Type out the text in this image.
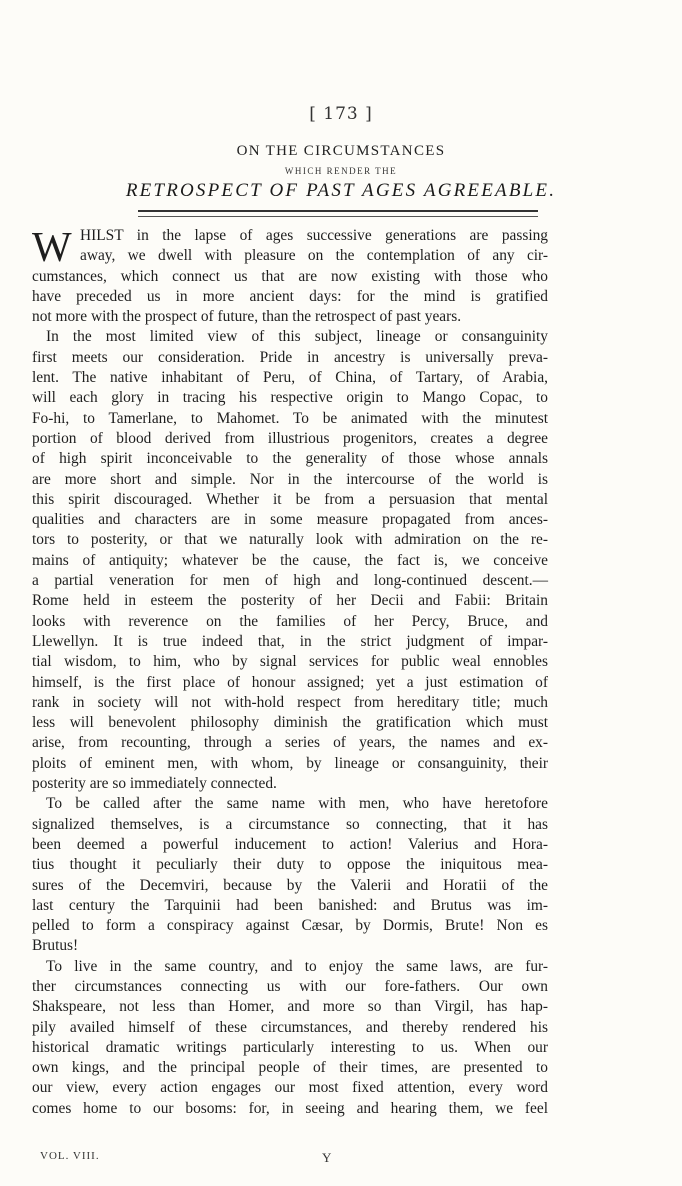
[ 173 ]
ON THE CIRCUMSTANCES
WHICH RENDER THE
RETROSPECT OF PAST AGES AGREEABLE.
W HILST in the lapse of ages successive generations are passing
away, we dwell with pleasure on the contemplation of any cir-
cumstances, which connect us that are now existing with those who
have preceded us in more ancient days: for the mind is gratified
not more with the prospect of future, than the retrospect of past years.
In the most limited view of this subject, lineage or consanguinity
first meets our consideration. Pride in ancestry is universally preva-
lent. The native inhabitant of Peru, of China, of Tartary, of Arabia,
will each glory in tracing his respective origin to Mango Copac, to
Fo-hi, to Tamerlane, to Mahomet. To be animated with the minutest
portion of blood derived from illustrious progenitors, creates a degree
of high spirit inconceivable to the generality of those whose annals
are more short and simple. Nor in the intercourse of the world is
this spirit discouraged. Whether it be from a persuasion that mental
qualities and characters are in some measure propagated from ances-
tors to posterity, or that we naturally look with admiration on the re-
mains of antiquity; whatever be the cause, the fact is, we conceive
a partial veneration for men of high and long-continued descent.—
Rome held in esteem the posterity of her Decii and Fabii: Britain
looks with reverence on the families of her Percy, Bruce, and
Llewellyn. It is true indeed that, in the strict judgment of impar-
tial wisdom, to him, who by signal services for public weal ennobles
himself, is the first place of honour assigned; yet a just estimation of
rank in society will not with-hold respect from hereditary title; much
less will benevolent philosophy diminish the gratification which must
arise, from recounting, through a series of years, the names and ex-
ploits of eminent men, with whom, by lineage or consanguinity, their
posterity are so immediately connected.
To be called after the same name with men, who have heretofore
signalized themselves, is a circumstance so connecting, that it has
been deemed a powerful inducement to action! Valerius and Hora-
tius thought it peculiarly their duty to oppose the iniquitous mea-
sures of the Decemviri, because by the Valerii and Horatii of the
last century the Tarquinii had been banished: and Brutus was im-
pelled to form a conspiracy against Cæsar, by Dormis, Brute! Non es
Brutus!
To live in the same country, and to enjoy the same laws, are fur-
ther circumstances connecting us with our fore-fathers. Our own
Shakspeare, not less than Homer, and more so than Virgil, has hap-
pily availed himself of these circumstances, and thereby rendered his
historical dramatic writings particularly interesting to us. When our
own kings, and the principal people of their times, are presented to
our view, every action engages our most fixed attention, every word
comes home to our bosoms: for, in seeing and hearing them, we feel
VOL. VIII.	Y
